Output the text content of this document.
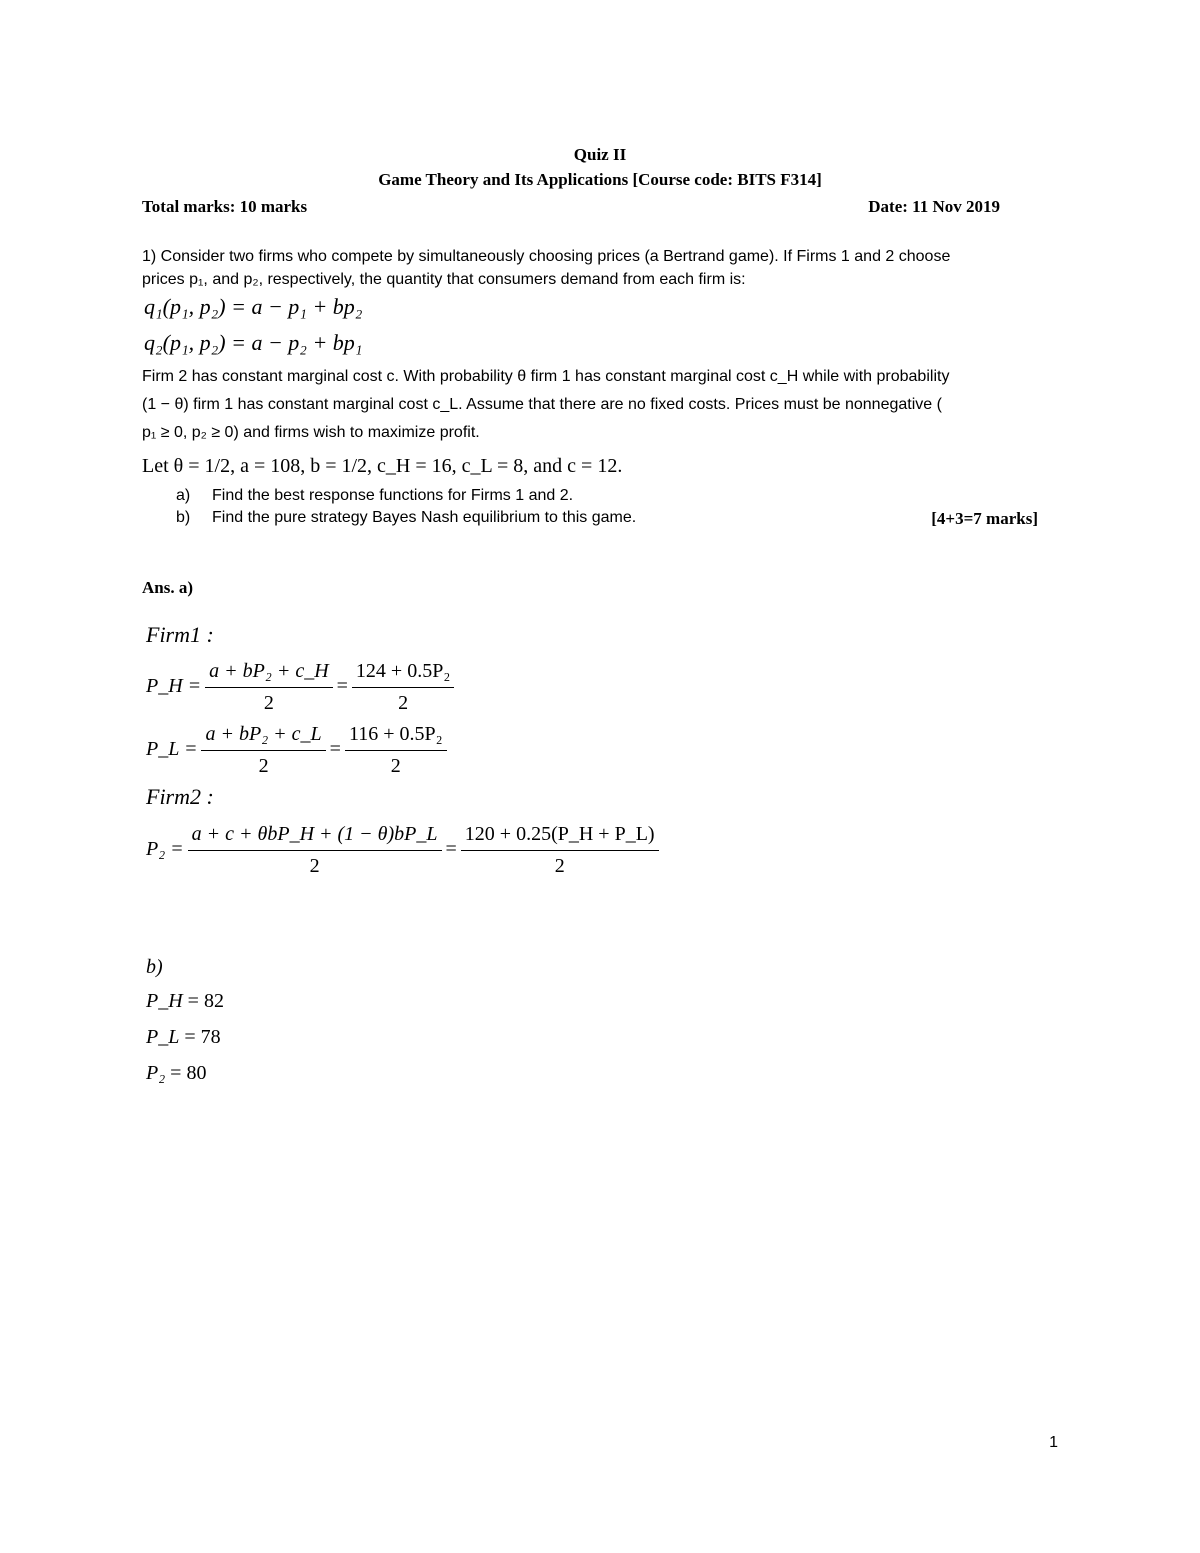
Quiz II
Game Theory and Its Applications [Course code: BITS F314]
Total marks: 10 marks	Date: 11 Nov 2019
1) Consider two firms who compete by simultaneously choosing prices (a Bertrand game). If Firms 1 and 2 choose
prices p₁, and p₂, respectively, the quantity that consumers demand from each firm is:
q₁(p₁, p₂) = a − p₁ + bp₂
q₂(p₁, p₂) = a − p₂ + bp₁
Firm 2 has constant marginal cost c. With probability θ firm 1 has constant marginal cost c_H while with probability
(1 − θ) firm 1 has constant marginal cost c_L. Assume that there are no fixed costs. Prices must be nonnegative (
p₁ ≥ 0, p₂ ≥ 0) and firms wish to maximize profit.
Let θ = 1/2, a = 108, b = 1/2, c_H = 16, c_L = 8, and c = 12.
a) Find the best response functions for Firms 1 and 2.
b) Find the pure strategy Bayes Nash equilibrium to this game.	[4+3=7 marks]
Ans. a)
Firm1 :
P_H = $\frac{\text{a + bP₂ + c\_H}}{2} = \frac{\text{124 + 0.5P₂}}{2}$
P_L = $\frac{\text{a + bP₂ + c\_L}}{2} = \frac{\text{116 + 0.5P₂}}{2}$
Firm2 :
$P_2 = \frac{\text{a + c + θbP\_H + (1 − θ)bP\_L}}{2} = \frac{120 + 0.25(P\_H + P\_L)}{2}$
b)
P_H = 82
P_L = 78
P₂ = 80
1
